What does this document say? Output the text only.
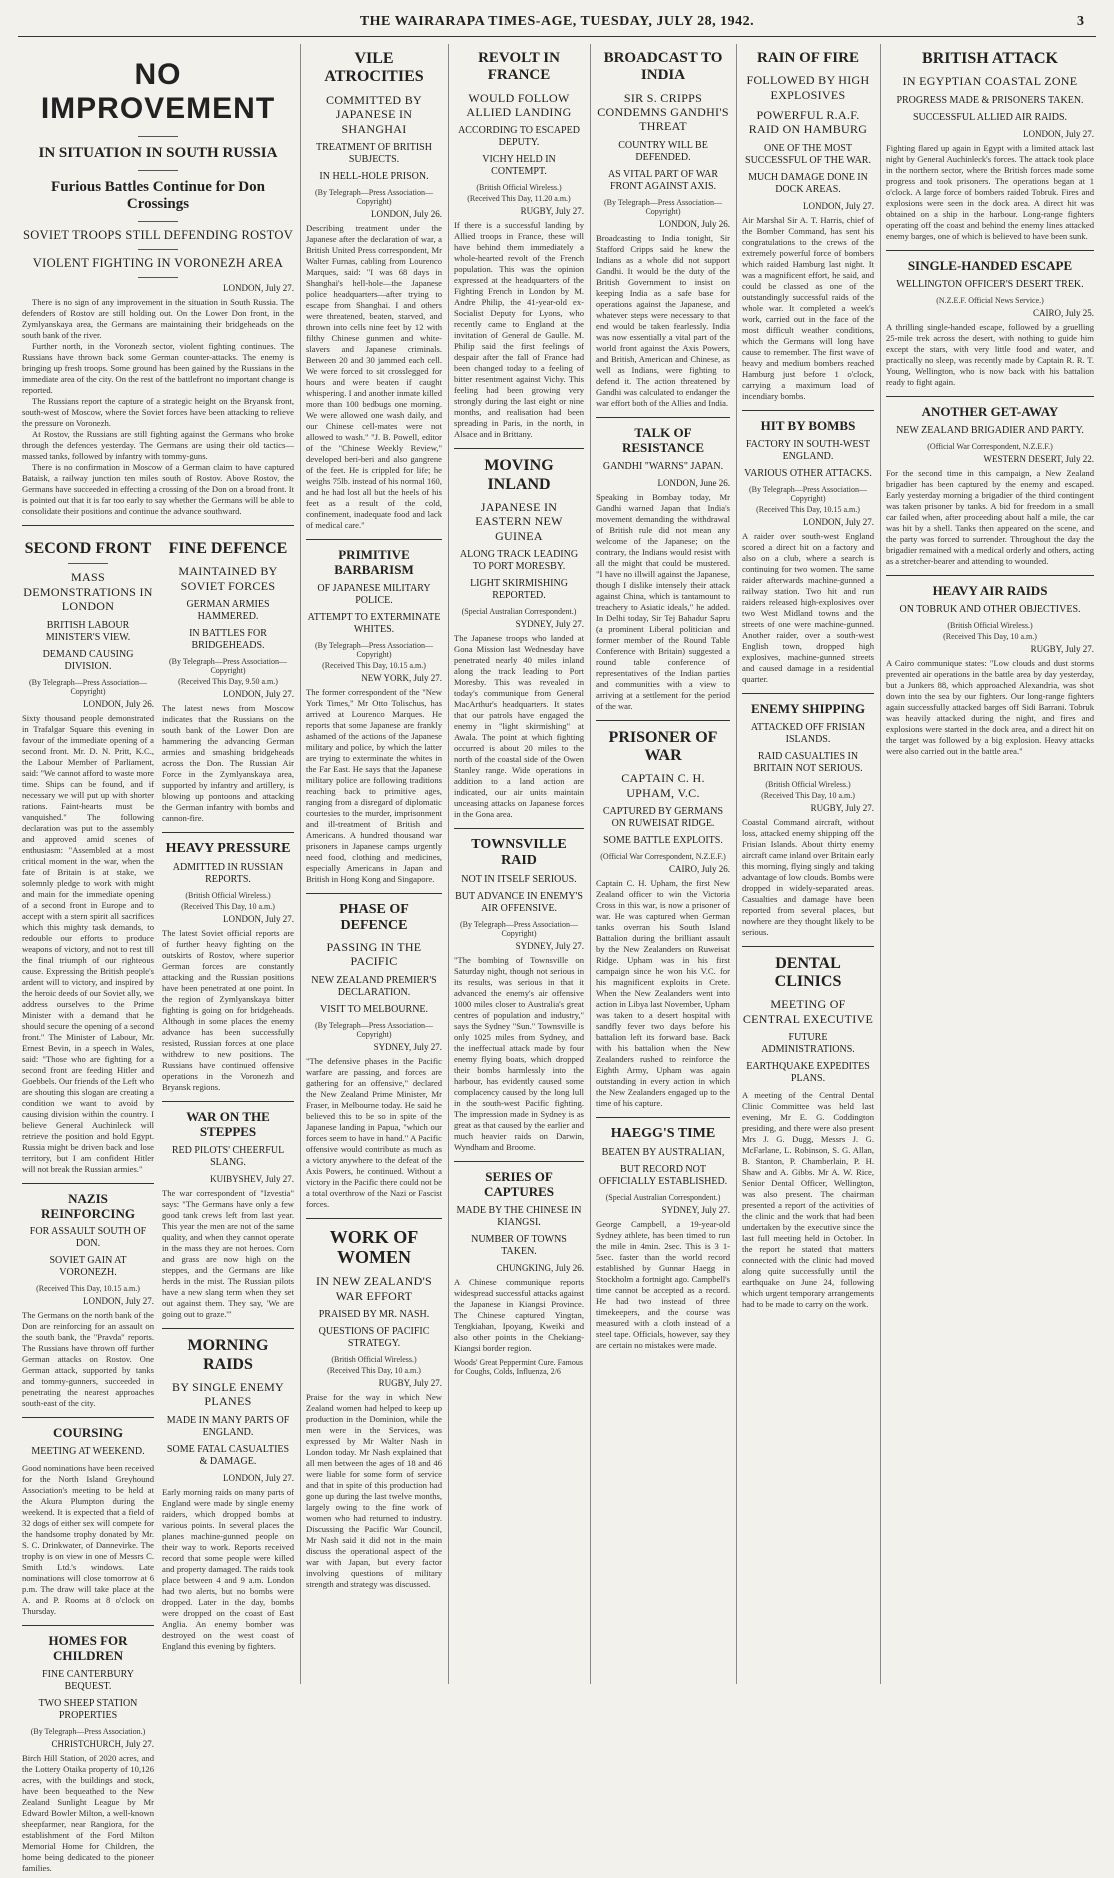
THE WAIRARAPA TIMES-AGE, TUESDAY, JULY 28, 1942.	3
NO IMPROVEMENT
IN SITUATION IN SOUTH RUSSIA
Furious Battles Continue for Don Crossings
SOVIET TROOPS STILL DEFENDING ROSTOV
VIOLENT FIGHTING IN VORONEZH AREA
LONDON, July 27.

There is no sign of any improvement in the situation in South Russia. The defenders of Rostov are still holding out. On the Lower Don front, in the Zymlyanskaya area, the Germans are maintaining their bridgeheads on the south bank of the river.

Further north, in the Voronezh sector, violent fighting continues. The Russians have thrown back some German counter-attacks. The enemy is bringing up fresh troops. Some ground has been gained by the Russians in the immediate area of the city. On the rest of the battlefront no important change is reported.

The Russians report the capture of a strategic height on the Bryansk front, south-west of Moscow, where the Soviet forces have been attacking to relieve the pressure on Voronezh.

At Rostov, the Russians are still fighting against the Germans who broke through the defences yesterday. The Germans are using their old tactics—massed tanks, followed by infantry with tommy-guns.

There is no confirmation in Moscow of a German claim to have captured Bataisk, a railway junction ten miles south of Rostov. Above Rostov, the Germans have succeeded in effecting a crossing of the Don on a broad front. It is pointed out that it is far too early to say whether the Germans will be able to consolidate their positions and continue the advance southward.

SECOND FRONT
MASS DEMONSTRATIONS IN LONDON
BRITISH LABOUR MINISTER'S VIEW.
DEMAND CAUSING DIVISION.
(By Telegraph—Press Association—Copyright)
LONDON, July 26.
Sixty thousand people demonstrated in Trafalgar Square this evening in favour of the immediate opening of a second front. Mr. D. N. Pritt, K.C., the Labour Member of Parliament, said: "We cannot afford to waste more time. Ships can be found, and if necessary we will put up with shorter rations. Faint-hearts must be vanquished." The following declaration was put to the assembly and approved amid scenes of enthusiasm: "Assembled at a most critical moment in the war, when the fate of Britain is at stake, we solemnly pledge to work with might and main for the immediate opening of a second front in Europe and to accept with a stern spirit all sacrifices which this mighty task demands, to redouble our efforts to produce weapons of victory, and not to rest till the final triumph of our righteous cause. Expressing the British people's ardent will to victory, and inspired by the heroic deeds of our Soviet ally, we address ourselves to the Prime Minister with a demand that he should secure the opening of a second front." The Minister of Labour, Mr. Ernest Bevin, in a speech in Wales, said: "Those who are fighting for a second front are feeding Hitler and Goebbels. Our friends of the Left who are shouting this slogan are creating a condition we want to avoid by causing division within the country. I believe General Auchinleck will retrieve the position and hold Egypt. Russia might be driven back and lose territory, but I am confident Hitler will not break the Russian armies."
NAZIS REINFORCING
FOR ASSAULT SOUTH OF DON.
SOVIET GAIN AT VORONEZH.
(Received This Day, 10.15 a.m.)
LONDON, July 27.
The Germans on the north bank of the Don are reinforcing for an assault on the south bank, the "Pravda" reports. The Russians have thrown off further German attacks on Rostov. One German attack, supported by tanks and tommy-gunners, succeeded in penetrating the nearest approaches south-east of the city.
COURSING
MEETING AT WEEKEND.
Good nominations have been received for the North Island Greyhound Association's meeting to be held at the Akura Plumpton during the weekend. It is expected that a field of 32 dogs of either sex will compete for the handsome trophy donated by Mr. S. C. Drinkwater, of Dannevirke. The trophy is on view in one of Messrs C. Smith Ltd.'s windows. Late nominations will close tomorrow at 6 p.m. The draw will take place at the A. and P. Rooms at 8 o'clock on Thursday.
HOMES FOR CHILDREN
FINE CANTERBURY BEQUEST.
TWO SHEEP STATION PROPERTIES
(By Telegraph—Press Association.)
CHRISTCHURCH, July 27.
Birch Hill Station, of 2020 acres, and the Lottery Otaika property of 10,126 acres, with the buildings and stock, have been bequeathed to the New Zealand Sunlight League by Mr Edward Bowler Milton, a well-known sheepfarmer, near Rangiora, for the establishment of the Ford Milton Memorial Home for Children, the home being dedicated to the pioneer families.
FINE DEFENCE
MAINTAINED BY SOVIET FORCES
GERMAN ARMIES HAMMERED.
IN BATTLES FOR BRIDGEHEADS.
(By Telegraph—Press Association—Copyright)
(Received This Day, 9.50 a.m.)
LONDON, July 27.
The latest news from Moscow indicates that the Russians on the south bank of the Lower Don are hammering the advancing German armies and smashing bridgeheads across the Don. The Russian Air Force in the Zymlyanskaya area, supported by infantry and artillery, is blowing up pontoons and attacking the German infantry with bombs and cannon-fire.
HEAVY PRESSURE
ADMITTED IN RUSSIAN REPORTS.
(British Official Wireless.)
(Received This Day, 10 a.m.)
LONDON, July 27.
The latest Soviet official reports are of further heavy fighting on the outskirts of Rostov, where superior German forces are constantly attacking and the Russian positions have been penetrated at one point. In the region of Zymlyanskaya bitter fighting is going on for bridgeheads. Although in some places the enemy advance has been successfully resisted, Russian forces at one place withdrew to new positions. The Russians have continued offensive operations in the Voronezh and Bryansk regions.
WAR ON THE STEPPES
RED PILOTS' CHEERFUL SLANG.
KUIBYSHEV, July 27.
The war correspondent of "Izvestia" says: "The Germans have only a few good tank crews left from last year. This year the men are not of the same quality, and when they cannot operate in the mass they are not heroes. Corn and grass are now high on the steppes, and the Germans are like herds in the mist. The Russian pilots have a new slang term when they set out against them. They say, 'We are going out to graze.'"
MORNING RAIDS
BY SINGLE ENEMY PLANES
MADE IN MANY PARTS OF ENGLAND.
SOME FATAL CASUALTIES & DAMAGE.
LONDON, July 27.
Early morning raids on many parts of England were made by single enemy raiders, which dropped bombs at various points. In several places the planes machine-gunned people on their way to work. Reports received record that some people were killed and property damaged. The raids took place between 4 and 9 a.m. London had two alerts, but no bombs were dropped. Later in the day, bombs were dropped on the coast of East Anglia. An enemy bomber was destroyed on the west coast of England this evening by fighters.
VILE ATROCITIES
COMMITTED BY JAPANESE IN SHANGHAI
TREATMENT OF BRITISH SUBJECTS.
IN HELL-HOLE PRISON.
(By Telegraph—Press Association—Copyright)
LONDON, July 26.
Describing treatment under the Japanese after the declaration of war, a British United Press correspondent, Mr Walter Furnas, cabling from Lourenco Marques, said: "I was 68 days in Shanghai's hell-hole—the Japanese police headquarters—after trying to escape from Shanghai. I and others were threatened, beaten, starved, and thrown into cells nine feet by 12 with filthy Chinese gunmen and white-slavers and Japanese criminals. Between 20 and 30 jammed each cell. We were forced to sit crosslegged for hours and were beaten if caught whispering. I and another inmate killed more than 100 bedbugs one morning. We were allowed one wash daily, and our Chinese cell-mates were not allowed to wash." "J. B. Powell, editor of the "Chinese Weekly Review," developed beri-beri and also gangrene of the feet. He is crippled for life; he weighs 75lb. instead of his normal 160, and he had lost all but the heels of his feet as a result of the cold, confinement, inadequate food and lack of medical care."
PRIMITIVE BARBARISM
OF JAPANESE MILITARY POLICE.
ATTEMPT TO EXTERMINATE WHITES.
(By Telegraph—Press Association—Copyright)
(Received This Day, 10.15 a.m.)
NEW YORK, July 27.
The former correspondent of the "New York Times," Mr Otto Tolischus, has arrived at Lourenco Marques. He reports that some Japanese are frankly ashamed of the actions of the Japanese military and police, by which the latter are trying to exterminate the whites in the Far East. He says that the Japanese military police are following traditions reaching back to primitive ages, ranging from a disregard of diplomatic courtesies to the murder, imprisonment and ill-treatment of British and Americans. A hundred thousand war prisoners in Japanese camps urgently need food, clothing and medicines, especially Americans in Japan and British in Hong Kong and Singapore.
PHASE OF DEFENCE
PASSING IN THE PACIFIC
NEW ZEALAND PREMIER'S DECLARATION.
VISIT TO MELBOURNE.
(By Telegraph—Press Association—Copyright)
SYDNEY, July 27.
"The defensive phases in the Pacific warfare are passing, and forces are gathering for an offensive," declared the New Zealand Prime Minister, Mr Fraser, in Melbourne today. He said he believed this to be so in spite of the Japanese landing in Papua, "which our forces seem to have in hand." A Pacific offensive would contribute as much as a victory anywhere to the defeat of the Axis Powers, he continued. Without a victory in the Pacific there could not be a total overthrow of the Nazi or Fascist forces.
WORK OF WOMEN
IN NEW ZEALAND'S WAR EFFORT
PRAISED BY MR. NASH.
QUESTIONS OF PACIFIC STRATEGY.
(British Official Wireless.)
(Received This Day, 10 a.m.)
RUGBY, July 27.
Praise for the way in which New Zealand women had helped to keep up production in the Dominion, while the men were in the Services, was expressed by Mr Walter Nash in London today. Mr Nash explained that all men between the ages of 18 and 46 were liable for some form of service and that in spite of this production had gone up during the last twelve months, largely owing to the fine work of women who had returned to industry. Discussing the Pacific War Council, Mr Nash said it did not in the main discuss the operational aspect of the war with Japan, but every factor involving questions of military strength and strategy was discussed.
REVOLT IN FRANCE
WOULD FOLLOW ALLIED LANDING
ACCORDING TO ESCAPED DEPUTY.
VICHY HELD IN CONTEMPT.
(British Official Wireless.)
(Received This Day, 11.20 a.m.)
RUGBY, July 27.
If there is a successful landing by Allied troops in France, these will have behind them immediately a whole-hearted revolt of the French population. This was the opinion expressed at the headquarters of the Fighting French in London by M. Andre Philip, the 41-year-old ex-Socialist Deputy for Lyons, who recently came to England at the invitation of General de Gaulle. M. Philip said the first feelings of despair after the fall of France had been changed today to a feeling of bitter resentment against Vichy. This feeling had been growing very strongly during the last eight or nine months, and realisation had been spreading in Paris, in the north, in Alsace and in Brittany.
MOVING INLAND
JAPANESE IN EASTERN NEW GUINEA
ALONG TRACK LEADING TO PORT MORESBY.
LIGHT SKIRMISHING REPORTED.
(Special Australian Correspondent.)
SYDNEY, July 27.
The Japanese troops who landed at Gona Mission last Wednesday have penetrated nearly 40 miles inland along the track leading to Port Moresby. This was revealed in today's communique from General MacArthur's headquarters. It states that our patrols have engaged the enemy in "light skirmishing" at Awala. The point at which fighting occurred is about 20 miles to the north of the coastal side of the Owen Stanley range. Wide operations in addition to a land action are indicated, our air units maintain unceasing attacks on Japanese forces in the Gona area.
TOWNSVILLE RAID
NOT IN ITSELF SERIOUS.
BUT ADVANCE IN ENEMY'S AIR OFFENSIVE.
(By Telegraph—Press Association—Copyright)
SYDNEY, July 27.
"The bombing of Townsville on Saturday night, though not serious in its results, was serious in that it advanced the enemy's air offensive 1000 miles closer to Australia's great centres of population and industry," says the Sydney "Sun." Townsville is only 1025 miles from Sydney, and the ineffectual attack made by four enemy flying boats, which dropped their bombs harmlessly into the harbour, has evidently caused some complacency caused by the long lull in the south-west Pacific fighting. The impression made in Sydney is as great as that caused by the earlier and much heavier raids on Darwin, Wyndham and Broome.
SERIES OF CAPTURES
MADE BY THE CHINESE IN KIANGSI.
NUMBER OF TOWNS TAKEN.
CHUNGKING, July 26.
A Chinese communique reports widespread successful attacks against the Japanese in Kiangsi Province. The Chinese captured Yingtan, Tengkiahan, Ipoyang, Kweiki and also other points in the Chekiang-Kiangsi border region.
Woods' Great Peppermint Cure. Famous for Coughs, Colds, Influenza, 2/6
BROADCAST TO INDIA
SIR S. CRIPPS CONDEMNS GANDHI'S THREAT
COUNTRY WILL BE DEFENDED.
AS VITAL PART OF WAR FRONT AGAINST AXIS.
(By Telegraph—Press Association—Copyright)
LONDON, July 26.
Broadcasting to India tonight, Sir Stafford Cripps said he knew the Indians as a whole did not support Gandhi. It would be the duty of the British Government to insist on keeping India as a safe base for operations against the Japanese, and whatever steps were necessary to that end would be taken fearlessly. India was now essentially a vital part of the world front against the Axis Powers, and British, American and Chinese, as well as Indians, were fighting to defend it. The action threatened by Gandhi was calculated to endanger the war effort both of the Allies and India.
TALK OF RESISTANCE
GANDHI "WARNS" JAPAN.
LONDON, June 26.
Speaking in Bombay today, Mr Gandhi warned Japan that India's movement demanding the withdrawal of British rule did not mean any welcome of the Japanese; on the contrary, the Indians would resist with all the might that could be mustered. "I have no illwill against the Japanese, though I dislike intensely their attack against China, which is tantamount to treachery to Asiatic ideals," he added. In Delhi today, Sir Tej Bahadur Sapru (a prominent Liberal politician and former member of the Round Table Conference with Britain) suggested a round table conference of representatives of the Indian parties and communities with a view to arriving at a settlement for the period of the war.
PRISONER OF WAR
CAPTAIN C. H. UPHAM, V.C.
CAPTURED BY GERMANS ON RUWEISAT RIDGE.
SOME BATTLE EXPLOITS.
(Official War Correspondent, N.Z.E.F.)
CAIRO, July 26.
Captain C. H. Upham, the first New Zealand officer to win the Victoria Cross in this war, is now a prisoner of war. He was captured when German tanks overran his South Island Battalion during the brilliant assault by the New Zealanders on Ruweisat Ridge. Upham was in his first campaign since he won his V.C. for his magnificent exploits in Crete. When the New Zealanders went into action in Libya last November, Upham was taken to a desert hospital with sandfly fever two days before his battalion left its forward base. Back with his battalion when the New Zealanders rushed to reinforce the Eighth Army, Upham was again outstanding in every action in which the New Zealanders engaged up to the time of his capture.
HAEGG'S TIME
BEATEN BY AUSTRALIAN,
BUT RECORD NOT OFFICIALLY ESTABLISHED.
(Special Australian Correspondent.)
SYDNEY, July 27.
George Campbell, a 19-year-old Sydney athlete, has been timed to run the mile in 4min. 2sec. This is 3 1-5sec. faster than the world record established by Gunnar Haegg in Stockholm a fortnight ago. Campbell's time cannot be accepted as a record. He had two instead of three timekeepers, and the course was measured with a cloth instead of a steel tape. Officials, however, say they are certain no mistakes were made.
RAIN OF FIRE
FOLLOWED BY HIGH EXPLOSIVES
POWERFUL R.A.F. RAID ON HAMBURG
ONE OF THE MOST SUCCESSFUL OF THE WAR.
MUCH DAMAGE DONE IN DOCK AREAS.
LONDON, July 27.
Air Marshal Sir A. T. Harris, chief of the Bomber Command, has sent his congratulations to the crews of the extremely powerful force of bombers which raided Hamburg last night. It was a magnificent effort, he said, and could be classed as one of the outstandingly successful raids of the whole war. It completed a week's work, carried out in the face of the most difficult weather conditions, which the Germans will long have cause to remember. The first wave of heavy and medium bombers reached Hamburg just before 1 o'clock, carrying a maximum load of incendiary bombs.
HIT BY BOMBS
FACTORY IN SOUTH-WEST ENGLAND.
VARIOUS OTHER ATTACKS.
(By Telegraph—Press Association—Copyright)
(Received This Day, 10.15 a.m.)
LONDON, July 27.
A raider over south-west England scored a direct hit on a factory and also on a club, where a search is continuing for two women. The same raider afterwards machine-gunned a railway station. Two hit and run raiders released high-explosives over two West Midland towns and the streets of one were machine-gunned. Another raider, over a south-west English town, dropped high explosives, machine-gunned streets and caused damage in a residential quarter.
ENEMY SHIPPING
ATTACKED OFF FRISIAN ISLANDS.
RAID CASUALTIES IN BRITAIN NOT SERIOUS.
(British Official Wireless.)
(Received This Day, 10 a.m.)
RUGBY, July 27.
Coastal Command aircraft, without loss, attacked enemy shipping off the Frisian Islands. About thirty enemy aircraft came inland over Britain early this morning, flying singly and taking advantage of low clouds. Bombs were dropped in widely-separated areas. Casualties and damage have been reported from several places, but nowhere are they thought likely to be serious.
DENTAL CLINICS
MEETING OF CENTRAL EXECUTIVE
FUTURE ADMINISTRATIONS.
EARTHQUAKE EXPEDITES PLANS.
A meeting of the Central Dental Clinic Committee was held last evening, Mr E. G. Coddington presiding, and there were also present Mrs J. G. Dugg, Messrs J. G. McFarlane, L. Robinson, S. G. Allan, B. Stanton, P. Chamberlain, P. H. Shaw and A. Gibbs. Mr A. W. Rice, Senior Dental Officer, Wellington, was also present. The chairman presented a report of the activities of the clinic and the work that had been undertaken by the executive since the last full meeting held in October. In the report he stated that matters connected with the clinic had moved along quite successfully until the earthquake on June 24, following which urgent temporary arrangements had to be made to carry on the work.
BRITISH ATTACK
IN EGYPTIAN COASTAL ZONE
PROGRESS MADE & PRISONERS TAKEN.
SUCCESSFUL ALLIED AIR RAIDS.
LONDON, July 27.
Fighting flared up again in Egypt with a limited attack last night by General Auchinleck's forces. The attack took place in the northern sector, where the British forces made some progress and took prisoners. The operations began at 1 o'clock. A large force of bombers raided Tobruk. Fires and explosions were seen in the dock area. A direct hit was obtained on a ship in the harbour. Long-range fighters operating off the coast and behind the enemy lines attacked enemy barges, one of which is believed to have been sunk.
SINGLE-HANDED ESCAPE
WELLINGTON OFFICER'S DESERT TREK.
(N.Z.E.F. Official News Service.)
CAIRO, July 25.
A thrilling single-handed escape, followed by a gruelling 25-mile trek across the desert, with nothing to guide him except the stars, with very little food and water, and practically no sleep, was recently made by Captain R. R. T. Young, Wellington, who is now back with his battalion ready to fight again.
ANOTHER GET-AWAY
NEW ZEALAND BRIGADIER AND PARTY.
(Official War Correspondent, N.Z.E.F.)
WESTERN DESERT, July 22.
For the second time in this campaign, a New Zealand brigadier has been captured by the enemy and escaped. Early yesterday morning a brigadier of the third contingent was taken prisoner by tanks. A bid for freedom in a small car failed when, after proceeding about half a mile, the car was hit by a shell. Tanks then appeared on the scene, and the party was forced to surrender. Throughout the day the brigadier remained with a medical orderly and others, acting as a stretcher-bearer and attending to wounded.
HEAVY AIR RAIDS
ON TOBRUK AND OTHER OBJECTIVES.
(British Official Wireless.)
(Received This Day, 10 a.m.)
RUGBY, July 27.
A Cairo communique states: "Low clouds and dust storms prevented air operations in the battle area by day yesterday, but a Junkers 88, which approached Alexandria, was shot down into the sea by our fighters. Our long-range fighters again successfully attacked barges off Sidi Barrani. Tobruk was heavily attacked during the night, and fires and explosions were started in the dock area, and a direct hit on the target was followed by a big explosion. Heavy attacks were also carried out in the battle area."
